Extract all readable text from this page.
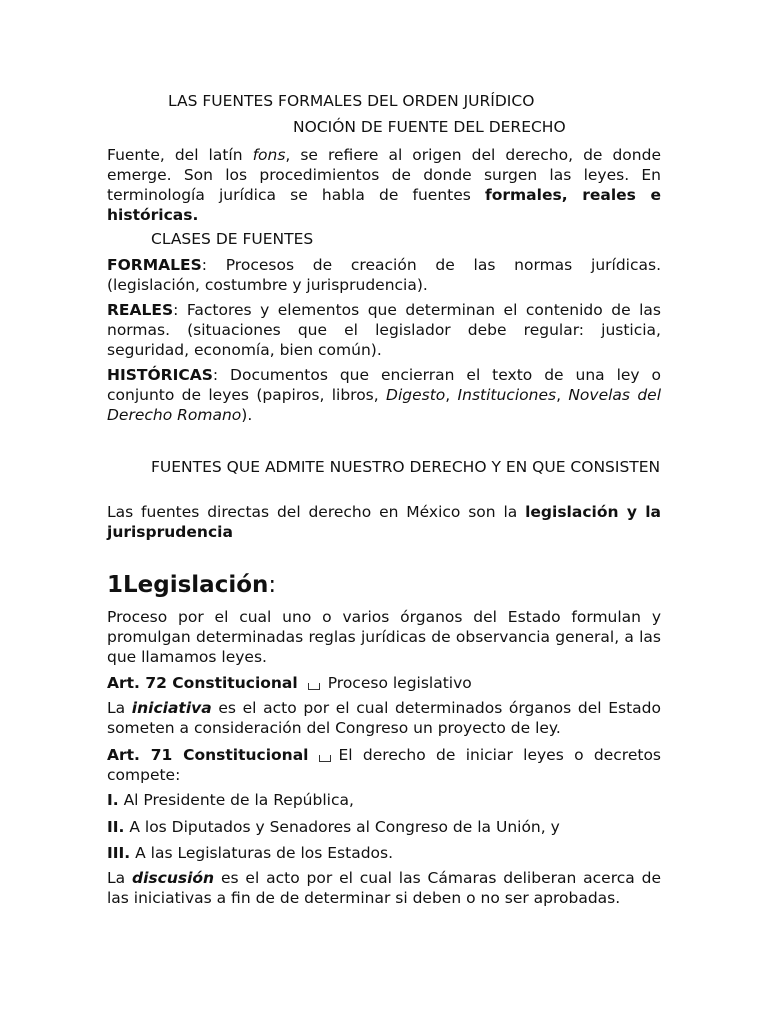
LAS FUENTES FORMALES DEL ORDEN JURÍDICO

NOCIÓN DE FUENTE DEL DERECHO

Fuente, del latín fons, se refiere al origen del derecho, de donde emerge. Son los procedimientos de donde surgen las leyes. En terminología jurídica se habla de fuentes formales, reales e históricas.

CLASES DE FUENTES

FORMALES: Procesos de creación de las normas jurídicas. (legislación, costumbre y jurisprudencia).

REALES: Factores y elementos que determinan el contenido de las normas. (situaciones que el legislador debe regular: justicia, seguridad, economía, bien común).

HISTÓRICAS: Documentos que encierran el texto de una ley o conjunto de leyes (papiros, libros, Digesto, Instituciones, Novelas del Derecho Romano).

FUENTES QUE ADMITE NUESTRO DERECHO Y EN QUE CONSISTEN

Las fuentes directas del derecho en México son la legislación y la jurisprudencia

1Legislación:

Proceso por el cual uno o varios órganos del Estado formulan y promulgan determinadas reglas jurídicas de observancia general, a las que llamamos leyes.

Art. 72 Constitucional Proceso legislativo

La iniciativa es el acto por el cual determinados órganos del Estado someten a consideración del Congreso un proyecto de ley.

Art. 71 Constitucional El derecho de iniciar leyes o decretos compete:

I. Al Presidente de la República,

II. A los Diputados y Senadores al Congreso de la Unión, y

III. A las Legislaturas de los Estados.

La discusión es el acto por el cual las Cámaras deliberan acerca de las iniciativas a fin de de determinar si deben o no ser aprobadas.
